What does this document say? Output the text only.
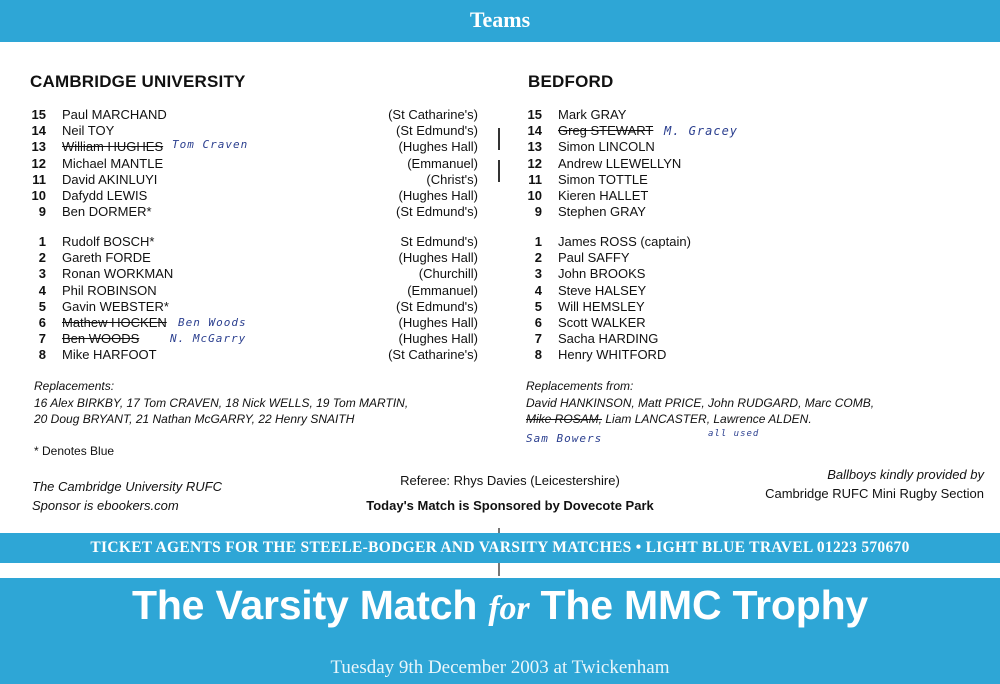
Teams
CAMBRIDGE UNIVERSITY
15 Paul MARCHAND	(St Catharine's)
14 Neil TOY	(St Edmund's)
13 William HUGHES	(Hughes Hall)
12 Michael MANTLE	(Emmanuel)
11 David AKINLUYI	(Christ's)
10 Dafydd LEWIS	(Hughes Hall)
9 Ben DORMER*	(St Edmund's)
1 Rudolf BOSCH*	St Edmund's)
2 Gareth FORDE	(Hughes Hall)
3 Ronan WORKMAN	(Churchill)
4 Phil ROBINSON	(Emmanuel)
5 Gavin WEBSTER*	(St Edmund's)
6 Mathew HOCKEN	(Hughes Hall)
7 Ben WOODS	(Hughes Hall)
8 Mike HARFOOT	(St Catharine's)
Tom Craven
Ben Woods
N. McGarry
Replacements:
16 Alex BIRKBY, 17 Tom CRAVEN, 18 Nick WELLS, 19 Tom MARTIN,
20 Doug BRYANT, 21 Nathan McGARRY, 22 Henry SNAITH
* Denotes Blue
BEDFORD
15 Mark GRAY
14 Greg STEWART
13 Simon LINCOLN
12 Andrew LLEWELLYN
11 Simon TOTTLE
10 Kieren HALLET
9 Stephen GRAY
1 James ROSS (captain)
2 Paul SAFFY
3 John BROOKS
4 Steve HALSEY
5 Will HEMSLEY
6 Scott WALKER
7 Sacha HARDING
8 Henry WHITFORD
M. Gracey
Replacements from:
David HANKINSON, Matt PRICE, John RUDGARD, Marc COMB,
Mike ROSAM, Liam LANCASTER, Lawrence ALDEN.
Sam Bowers	all used
The Cambridge University RUFC
Sponsor is ebookers.com
Referee: Rhys Davies (Leicestershire)
Today's Match is Sponsored by Dovecote Park
Ballboys kindly provided by
Cambridge RUFC Mini Rugby Section
TICKET AGENTS FOR THE STEELE-BODGER AND VARSITY MATCHES • LIGHT BLUE TRAVEL 01223 570670
The Varsity Match for The MMC Trophy
Tuesday 9th December 2003 at Twickenham
